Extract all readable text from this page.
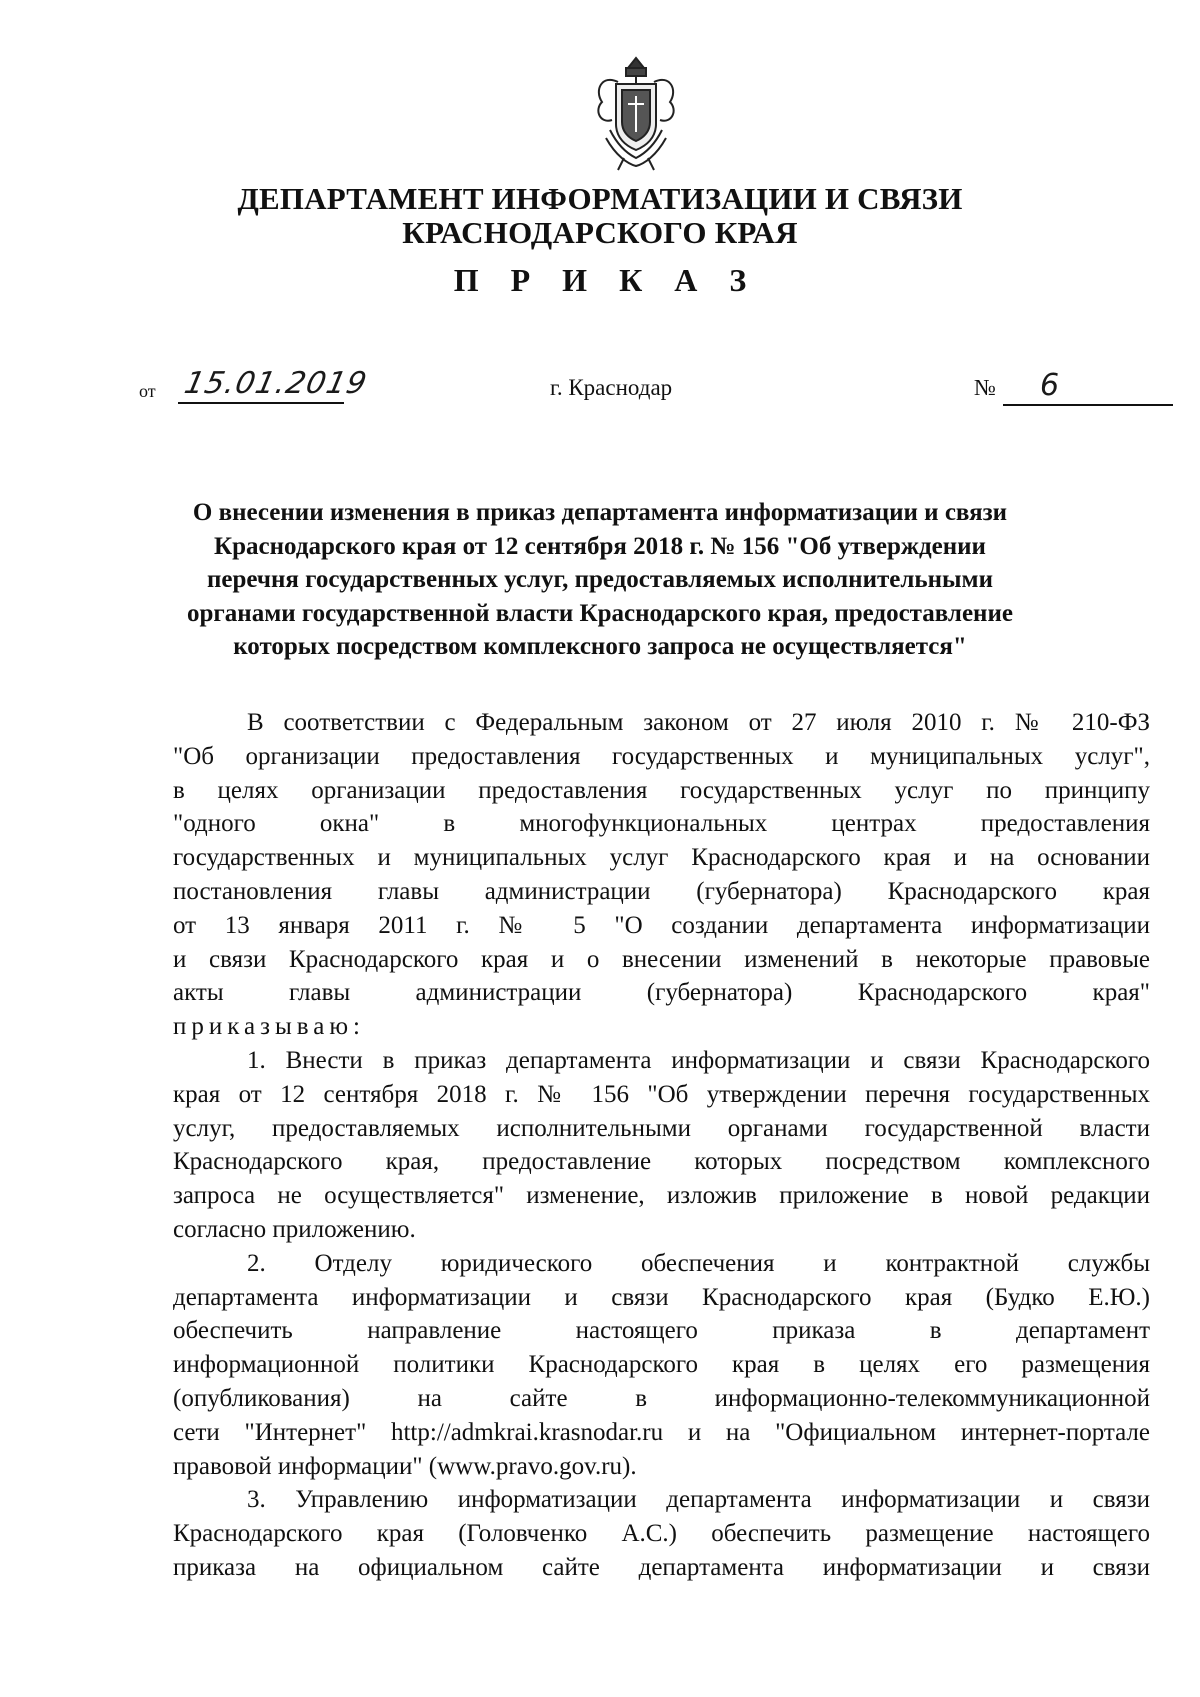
ДЕПАРТАМЕНТ ИНФОРМАТИЗАЦИИ И СВЯЗИ
КРАСНОДАРСКОГО КРАЯ
П Р И К А З
от 15.01.2019	г. Краснодар	№ 6
О внесении изменения в приказ департамента информатизации и связи
Краснодарского края от 12 сентября 2018 г. № 156 "Об утверждении
перечня государственных услуг, предоставляемых исполнительными
органами государственной власти Краснодарского края, предоставление
которых посредством комплексного запроса не осуществляется"
В соответствии с Федеральным законом от 27 июля 2010 г. № 210-ФЗ
"Об организации предоставления государственных и муниципальных услуг",
в целях организации предоставления государственных услуг по принципу
"одного окна" в многофункциональных центрах предоставления
государственных и муниципальных услуг Краснодарского края и на основании
постановления главы администрации (губернатора) Краснодарского края
от 13 января 2011 г. № 5 "О создании департамента информатизации
и связи Краснодарского края и о внесении изменений в некоторые правовые
акты главы администрации (губернатора) Краснодарского края"
приказываю:
1. Внести в приказ департамента информатизации и связи Краснодарского
края от 12 сентября 2018 г. № 156 "Об утверждении перечня государственных
услуг, предоставляемых исполнительными органами государственной власти
Краснодарского края, предоставление которых посредством комплексного
запроса не осуществляется" изменение, изложив приложение в новой редакции
согласно приложению.
2. Отделу юридического обеспечения и контрактной службы
департамента информатизации и связи Краснодарского края (Будко Е.Ю.)
обеспечить направление настоящего приказа в департамент
информационной политики Краснодарского края в целях его размещения
(опубликования) на сайте в информационно-телекоммуникационной
сети "Интернет" http://admkrai.krasnodar.ru и на "Официальном интернет-портале
правовой информации" (www.pravo.gov.ru).
3. Управлению информатизации департамента информатизации и связи
Краснодарского края (Головченко А.С.) обеспечить размещение настоящего
приказа на официальном сайте департамента информатизации и связи
